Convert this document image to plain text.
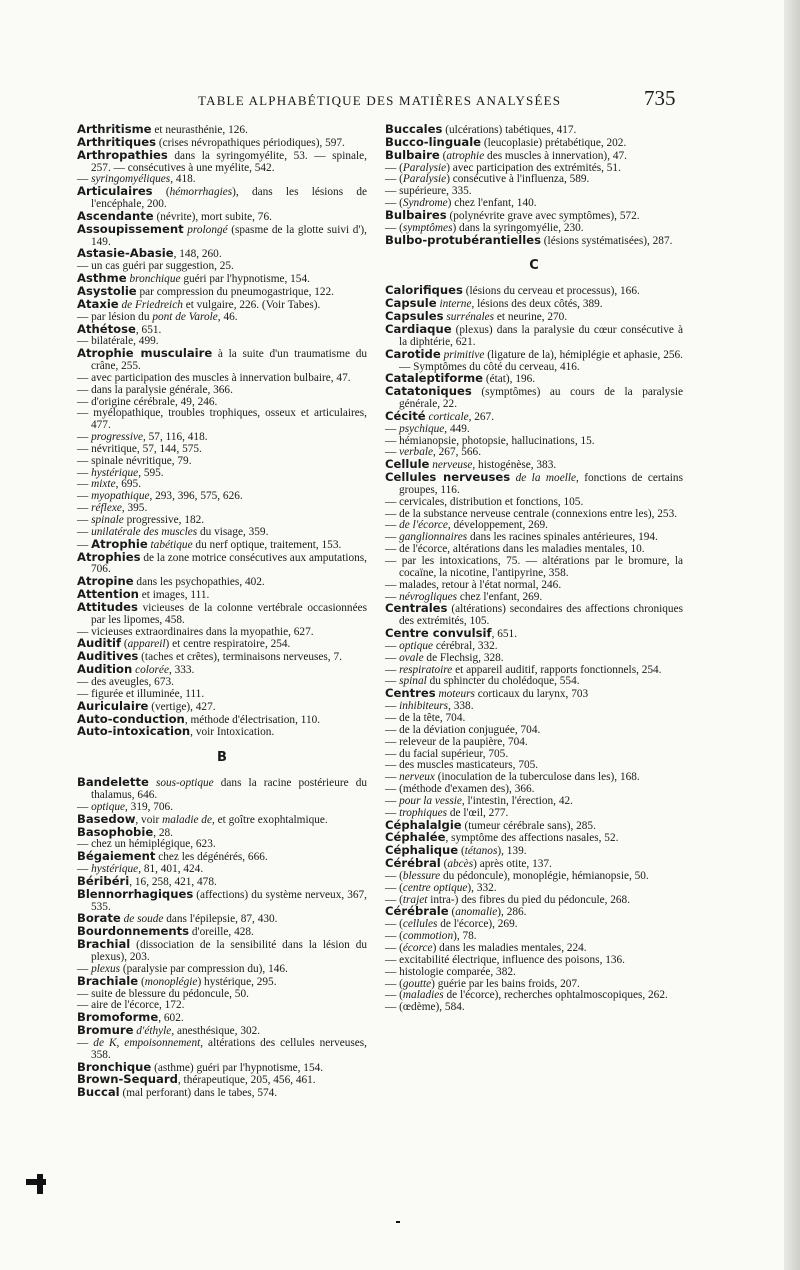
TABLE ALPHABÉTIQUE DES MATIÈRES ANALYSÉES	735
Arthritisme et neurasthénie, 126.
Arthritiques (crises névropathiques périodiques), 597.
Arthropathies dans la syringomyélite, 53. — spinale, 257. — consécutives à une myélite, 542.
— syringomyéliques, 418.
Articulaires (hémorrhagies), dans les lésions de l'encéphale, 200.
Ascendante (névrite), mort subite, 76.
Assoupissement prolongé (spasme de la glotte suivi d'), 149.
Astasie-Abasie, 148, 260.
— un cas guéri par suggestion, 25.
Asthme bronchique guéri par l'hypnotisme, 154.
Asystolie par compression du pneumogastrique, 122.
Ataxie de Friedreich et vulgaire, 226. (Voir Tabes).
— par lésion du pont de Varole, 46.
Athétose, 651.
— bilatérale, 499.
Atrophie musculaire à la suite d'un traumatisme du crâne, 255.
— avec participation des muscles à innervation bulbaire, 47.
— dans la paralysie générale, 366.
— d'origine cérébrale, 49, 246.
— myélopathique, troubles trophiques, osseux et articulaires, 477.
— progressive, 57, 116, 418.
— névritique, 57, 144, 575.
— spinale névritique, 79.
— hystérique, 595.
— mixte, 695.
— myopathique, 293, 396, 575, 626.
— réflexe, 395.
— spinale progressive, 182.
— unilatérale des muscles du visage, 359.
— Atrophie tabétique du nerf optique, traitement, 153.
Atrophies de la zone motrice consécutives aux amputations, 706.
Atropine dans les psychopathies, 402.
Attention et images, 111.
Attitudes vicieuses de la colonne vertébrale occasionnées par les lipomes, 458.
— vicieuses extraordinaires dans la myopathie, 627.
Auditif (appareil) et centre respiratoire, 254.
Auditives (taches et crêtes), terminaisons nerveuses, 7.
Audition colorée, 333.
— des aveugles, 673.
— figurée et illuminée, 111.
Auriculaire (vertige), 427.
Auto-conduction, méthode d'électrisation, 110.
Auto-intoxication, voir Intoxication.
B
Bandelette sous-optique dans la racine postérieure du thalamus, 646.
— optique, 319, 706.
Basedow, voir maladie de, et goître exophtalmique.
Basophobie, 28.
— chez un hémiplégique, 623.
Bégaiement chez les dégénérés, 666.
— hystérique, 81, 401, 424.
Béribéri, 16, 258, 421, 478.
Blennorrhagiques (affections) du système nerveux, 367, 535.
Borate de soude dans l'épilepsie, 87, 430.
Bourdonnements d'oreille, 428.
Brachial (dissociation de la sensibilité dans la lésion du plexus), 203.
— plexus (paralysie par compression du), 146.
Brachiale (monoplégie) hystérique, 295.
— suite de blessure du pédoncule, 50.
— aire de l'écorce, 172.
Bromoforme, 602.
Bromure d'éthyle, anesthésique, 302.
— de K, empoisonnement, altérations des cellules nerveuses, 358.
Bronchique (asthme) guéri par l'hypnotisme, 154.
Brown-Sequard, thérapeutique, 205, 456, 461.
Buccal (mal perforant) dans le tabes, 574.
Buccales (ulcérations) tabétiques, 417.
Bucco-linguale (leucoplasie) prétabétique, 202.
Bulbaire (atrophie des muscles à innervation), 47.
— (Paralysie) avec participation des extrémités, 51.
— (Paralysie) consécutive à l'influenza, 589.
— supérieure, 335.
— (Syndrome) chez l'enfant, 140.
Bulbaires (polynévrite grave avec symptômes), 572.
— (symptômes) dans la syringomyélie, 230.
Bulbo-protubérantielles (lésions systématisées), 287.
C
Calorifiques (lésions du cerveau et processus), 166.
Capsule interne, lésions des deux côtés, 389.
Capsules surrénales et neurine, 270.
Cardiaque (plexus) dans la paralysie du cœur consécutive à la diphtérie, 621.
Carotide primitive (ligature de la), hémiplégie et aphasie, 256. — Symptômes du côté du cerveau, 416.
Cataleptiforme (état), 196.
Catatoniques (symptômes) au cours de la paralysie générale, 22.
Cécité corticale, 267.
— psychique, 449.
— hémianopsie, photopsie, hallucinations, 15.
— verbale, 267, 566.
Cellule nerveuse, histogénèse, 383.
Cellules nerveuses de la moelle, fonctions de certains groupes, 116.
— cervicales, distribution et fonctions, 105.
— de la substance nerveuse centrale (connexions entre les), 253.
— de l'écorce, développement, 269.
— ganglionnaires dans les racines spinales antérieures, 194.
— de l'écorce, altérations dans les maladies mentales, 10.
— par les intoxications, 75. — altérations par le bromure, la cocaïne, la nicotine, l'antipyrine, 358.
— malades, retour à l'état normal, 246.
— névrogliques chez l'enfant, 269.
Centrales (altérations) secondaires des affections chroniques des extrémités, 105.
Centre convulsif, 651.
— optique cérébral, 332.
— ovale de Flechsig, 328.
— respiratoire et appareil auditif, rapports fonctionnels, 254.
— spinal du sphincter du cholédoque, 554.
Centres moteurs corticaux du larynx, 703
— inhibiteurs, 338.
— de la tête, 704.
— de la déviation conjuguée, 704.
— releveur de la paupière, 704.
— du facial supérieur, 705.
— des muscles masticateurs, 705.
— nerveux (inoculation de la tuberculose dans les), 168.
— (méthode d'examen des), 366.
— pour la vessie, l'intestin, l'érection, 42.
— trophiques de l'œil, 277.
Céphalalgie (tumeur cérébrale sans), 285.
Céphalée, symptôme des affections nasales, 52.
Céphalique (tétanos), 139.
Cérébral (abcès) après otite, 137.
— (blessure du pédoncule), monoplégie, hémianopsie, 50.
— (centre optique), 332.
— (trajet intra-) des fibres du pied du pédoncule, 268.
Cérébrale (anomalie), 286.
— (cellules de l'écorce), 269.
— (commotion), 78.
— (écorce) dans les maladies mentales, 224.
— excitabilité électrique, influence des poisons, 136.
— histologie comparée, 382.
— (goutte) guérie par les bains froids, 207.
— (maladies de l'écorce), recherches ophtalmoscopiques, 262.
— (œdème), 584.
